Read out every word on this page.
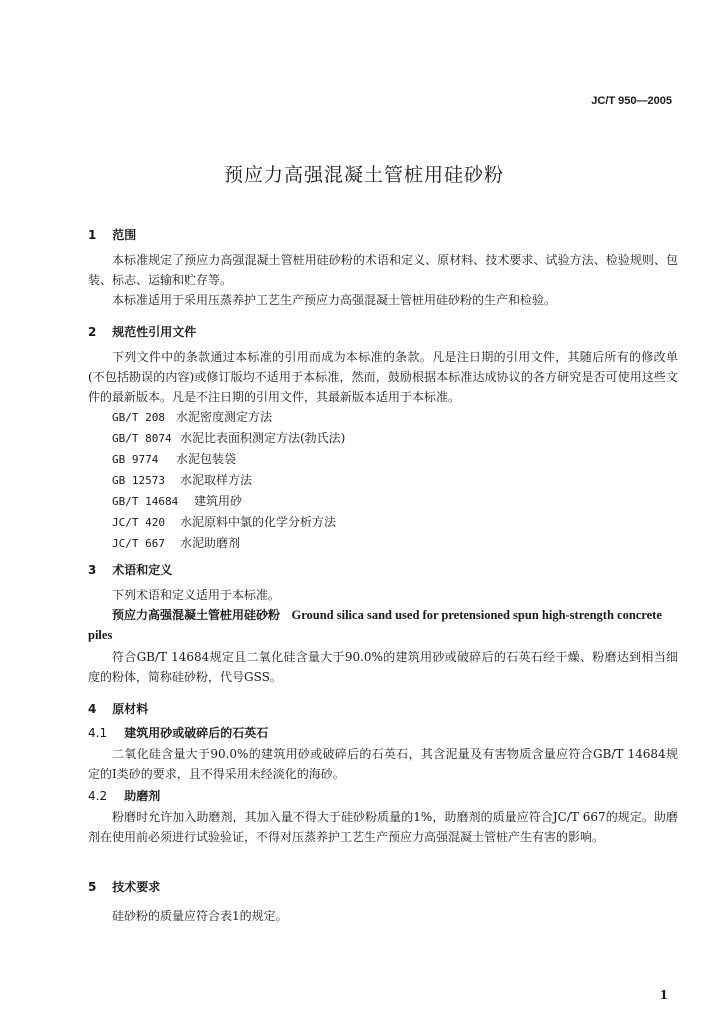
JC/T 950—2005
预应力高强混凝土管桩用硅砂粉
1 范围

本标准规定了预应力高强混凝土管桩用硅砂粉的术语和定义、原材料、技术要求、试验方法、检验规则、包装、标志、运输和贮存等。

本标准适用于采用压蒸养护工艺生产预应力高强混凝土管桩用硅砂粉的生产和检验。

2 规范性引用文件

下列文件中的条款通过本标准的引用而成为本标准的条款。凡是注日期的引用文件，其随后所有的修改单(不包括勘误的内容)或修订版均不适用于本标准，然而，鼓励根据本标准达成协议的各方研究是否可使用这些文件的最新版本。凡是不注日期的引用文件，其最新版本适用于本标准。

GB/T 208 水泥密度测定方法
GB/T 8074 水泥比表面积测定方法(勃氏法)
GB 9774 水泥包装袋
GB 12573 水泥取样方法
GB/T 14684 建筑用砂
JC/T 420 水泥原料中氯的化学分析方法
JC/T 667 水泥助磨剂
3 术语和定义

下列术语和定义适用于本标准。

预应力高强混凝土管桩用硅砂粉 Ground silica sand used for pretensioned spun high-strength concrete piles

符合GB/T 14684规定且二氧化硅含量大于90.0%的建筑用砂或破碎后的石英石经干燥、粉磨达到相当细度的粉体，简称硅砂粉，代号GSS。

4 原材料
4.1 建筑用砂或破碎后的石英石

二氧化硅含量大于90.0%的建筑用砂或破碎后的石英石，其含泥量及有害物质含量应符合GB/T 14684规定的Ⅰ类砂的要求，且不得采用未经淡化的海砂。

4.2 助磨剂

粉磨时允许加入助磨剂，其加入量不得大于硅砂粉质量的1%，助磨剂的质量应符合JC/T 667的规定。助磨剂在使用前必须进行试验验证，不得对压蒸养护工艺生产预应力高强混凝土管桩产生有害的影响。

5 技术要求

硅砂粉的质量应符合表1的规定。

1
